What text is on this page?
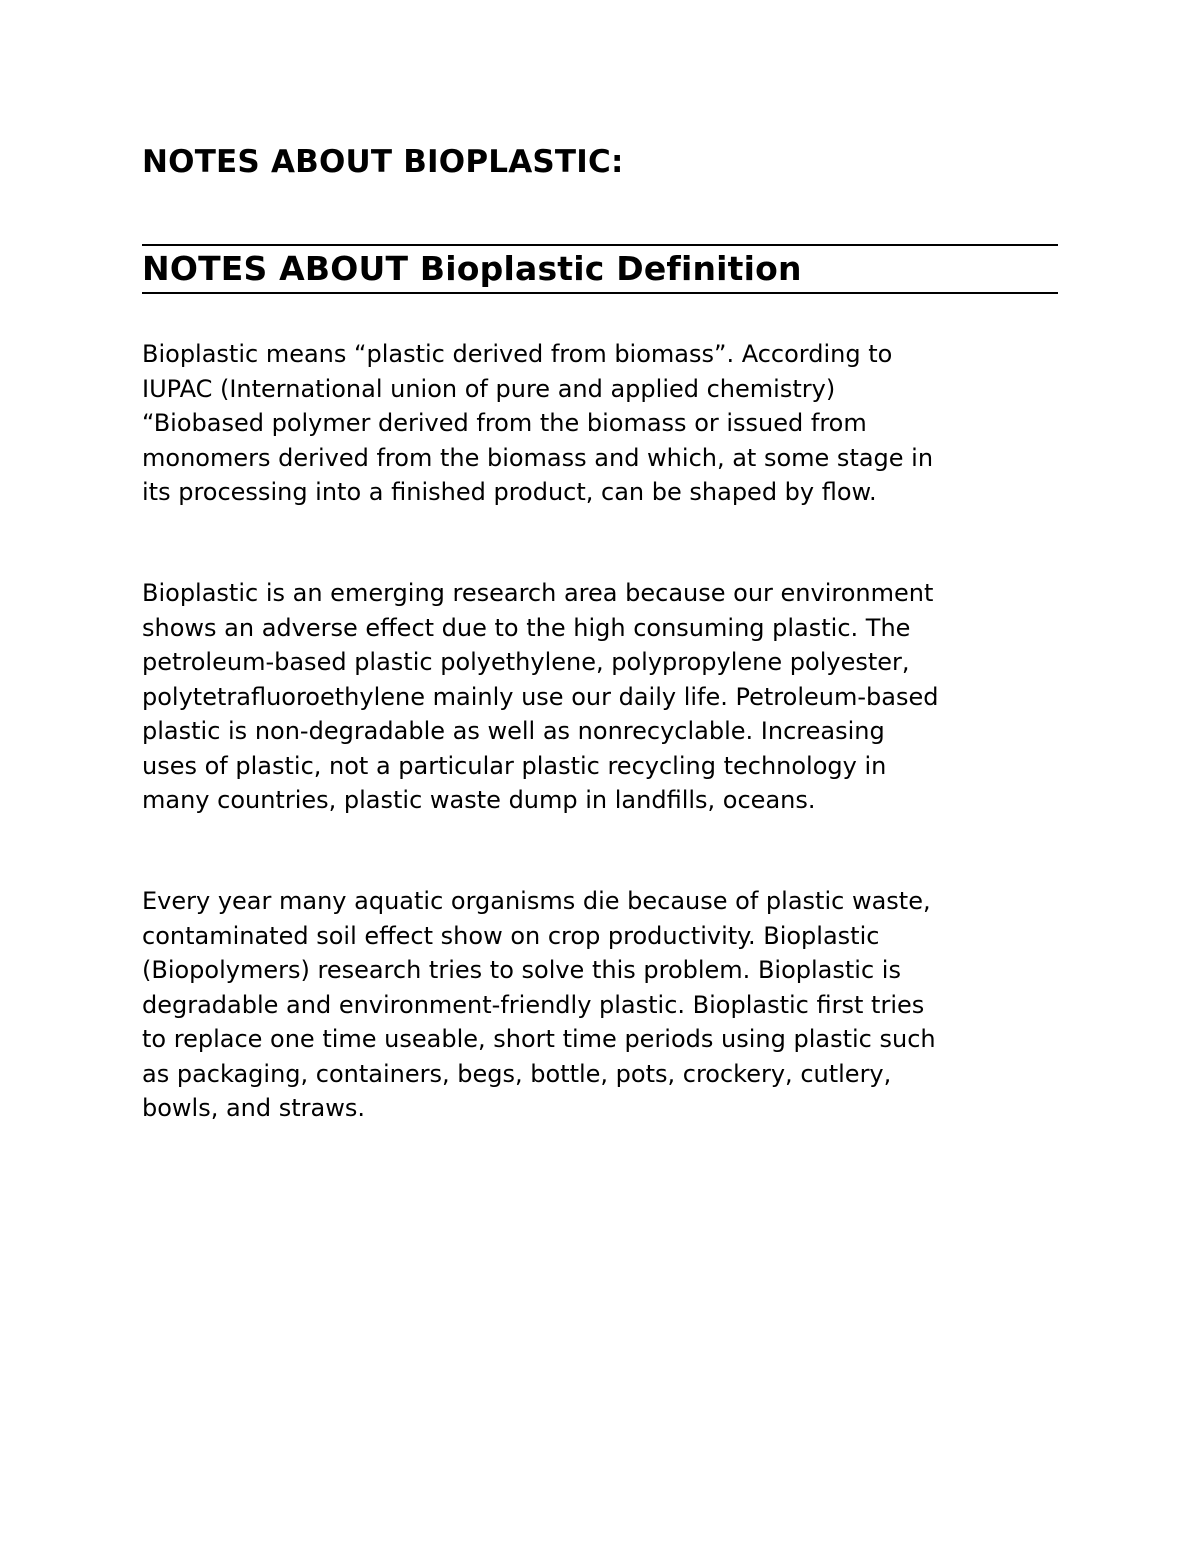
NOTES ABOUT BIOPLASTIC:
NOTES ABOUT Bioplastic Definition

Bioplastic means “plastic derived from biomass”. According to
IUPAC (International union of pure and applied chemistry)
“Biobased polymer derived from the biomass or issued from
monomers derived from the biomass and which, at some stage in
its processing into a finished product, can be shaped by flow.

Bioplastic is an emerging research area because our environment
shows an adverse effect due to the high consuming plastic. The
petroleum-based plastic polyethylene, polypropylene polyester,
polytetrafluoroethylene mainly use our daily life. Petroleum-based
plastic is non-degradable as well as nonrecyclable. Increasing
uses of plastic, not a particular plastic recycling technology in
many countries, plastic waste dump in landfills, oceans.

Every year many aquatic organisms die because of plastic waste,
contaminated soil effect show on crop productivity. Bioplastic
(Biopolymers) research tries to solve this problem. Bioplastic is
degradable and environment-friendly plastic. Bioplastic first tries
to replace one time useable, short time periods using plastic such
as packaging, containers, begs, bottle, pots, crockery, cutlery,
bowls, and straws.
